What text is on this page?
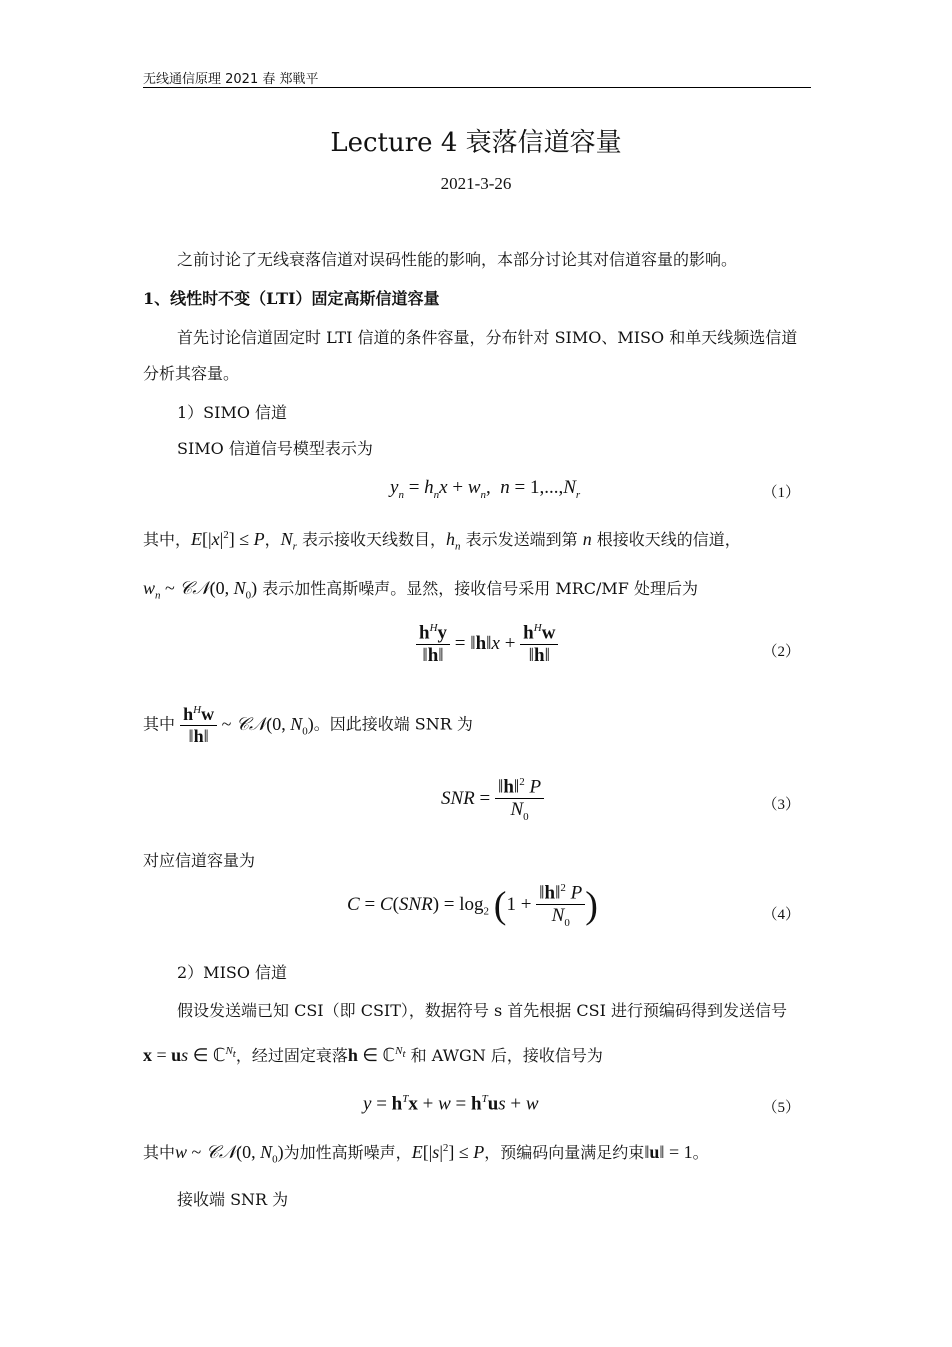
无线通信原理 2021 春 郑戦平
Lecture 4 衰落信道容量
2021-3-26
之前讨论了无线衰落信道对误码性能的影响，本部分讨论其对信道容量的影响。
1、线性时不变（LTI）固定高斯信道容量
首先讨论信道固定时 LTI 信道的条件容量，分布针对 SIMO、MISO 和单天线频选信道分析其容量。
1）SIMO 信道
SIMO 信道信号模型表示为
$y_n = h_nx + w_n$,  $n = 1,...,N_r$	（1）
其中，$E[|x|^2] \le P$，$N_r$ 表示接收天线数目，$h_n$ 表示发送端到第 n 根接收天线的信道，
$w_n$ ~ 𝒞𝒩(0, $N_0$) 表示加性高斯噪声。显然，接收信号采用 MRC/MF 处理后为
$\frac{h^Hy}{‖h‖}$ = ‖h‖x + $\frac{h^Hw}{‖h‖}$	（2）
其中 $\frac{h^Hw}{‖h‖}$ ~ 𝒞𝒩(0, $N_0$)。因此接收端 SNR 为
SNR = $\frac{‖h‖^2 P}{N_0}$	（3）
对应信道容量为
$C = C(SNR) = \log_2 (1 + \frac{‖h‖^2 P}{N_0}$ )	（4）
2）MISO 信道
假设发送端已知 CSI（即 CSIT），数据符号 s 首先根据 CSI 进行预编码得到发送信号
x = us ∈ ℂ$^{N_t}$，经过固定衰落h ∈ ℂ$^{N_t}$ 和 AWGN 后，接收信号为
$y = h^Tx + w = h^Tus + w$	（5）
其中w ~ 𝒞𝒩(0, $N_0$)为加性高斯噪声，$E[|s|^2] \le P$，预编码向量满足约束‖u‖ = 1。
接收端 SNR 为
